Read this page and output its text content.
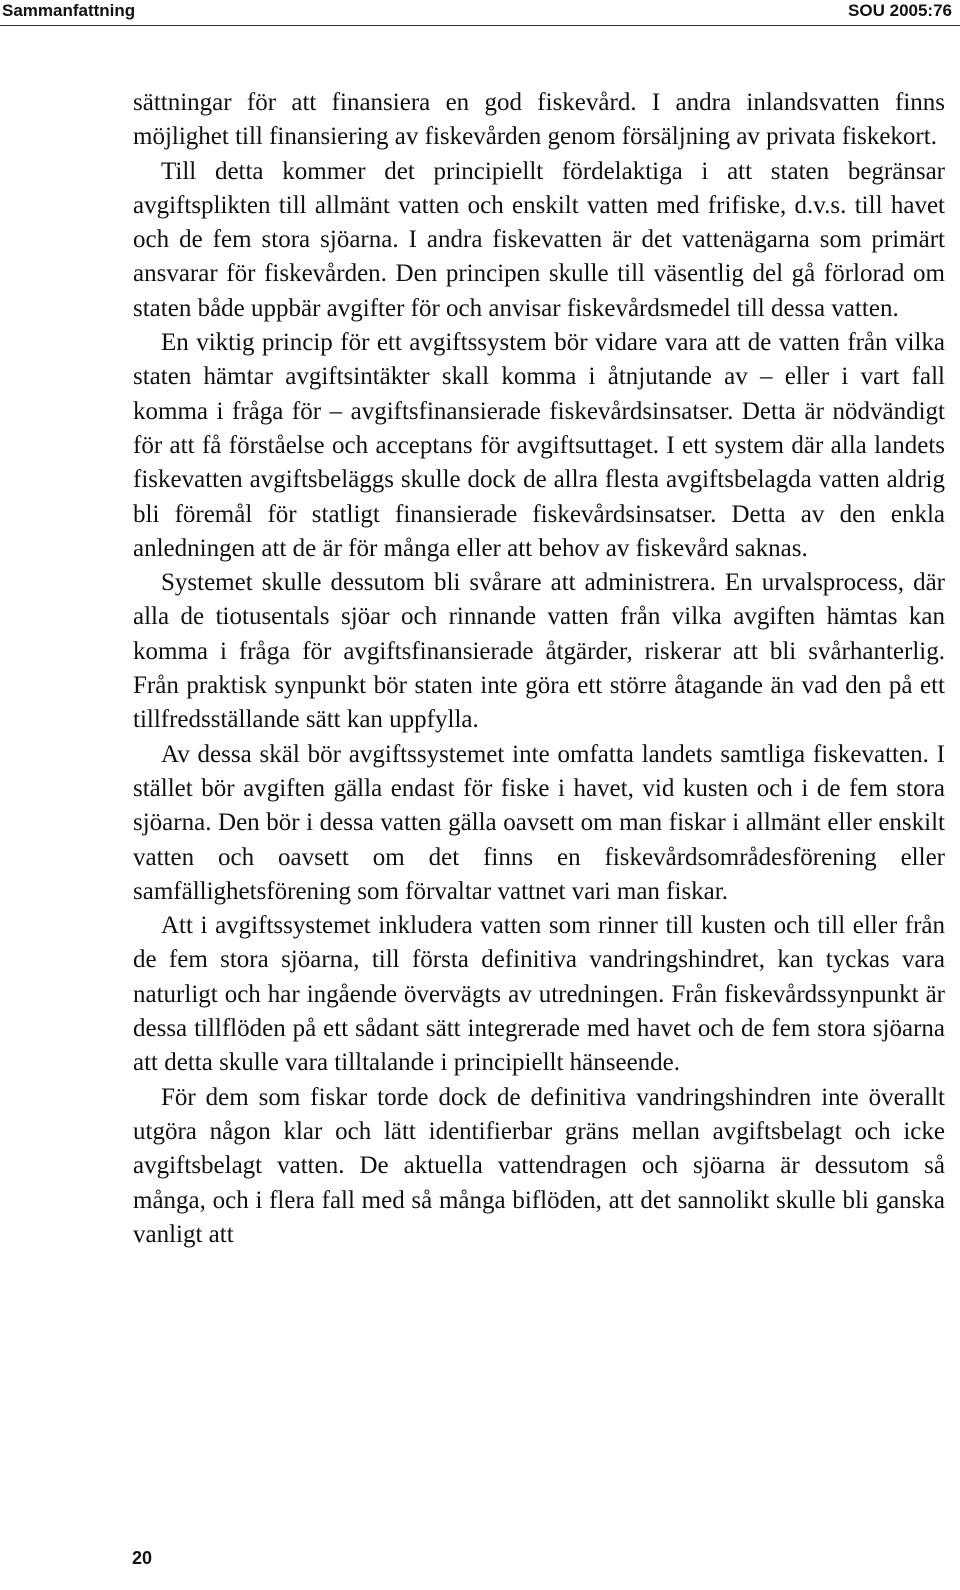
Sammanfattning	SOU 2005:76

sättningar för att finansiera en god fiskevård. I andra inlandsvatten finns möjlighet till finansiering av fiskevården genom försäljning av privata fiskekort.

Till detta kommer det principiellt fördelaktiga i att staten begränsar avgiftsplikten till allmänt vatten och enskilt vatten med frifiske, d.v.s. till havet och de fem stora sjöarna. I andra fiskevatten är det vattenägarna som primärt ansvarar för fiskevården. Den principen skulle till väsentlig del gå förlorad om staten både uppbär avgifter för och anvisar fiskevårdsmedel till dessa vatten.

En viktig princip för ett avgiftssystem bör vidare vara att de vatten från vilka staten hämtar avgiftsintäkter skall komma i åtnjutande av – eller i vart fall komma i fråga för – avgiftsfinansierade fiskevårdsinsatser. Detta är nödvändigt för att få förståelse och acceptans för avgiftsuttaget. I ett system där alla landets fiskevatten avgiftsbeläggs skulle dock de allra flesta avgiftsbelagda vatten aldrig bli föremål för statligt finansierade fiskevårdsinsatser. Detta av den enkla anledningen att de är för många eller att behov av fiskevård saknas.

Systemet skulle dessutom bli svårare att administrera. En urvalsprocess, där alla de tiotusentals sjöar och rinnande vatten från vilka avgiften hämtas kan komma i fråga för avgiftsfinansierade åtgärder, riskerar att bli svårhanterlig. Från praktisk synpunkt bör staten inte göra ett större åtagande än vad den på ett tillfredsställande sätt kan uppfylla.

Av dessa skäl bör avgiftssystemet inte omfatta landets samtliga fiskevatten. I stället bör avgiften gälla endast för fiske i havet, vid kusten och i de fem stora sjöarna. Den bör i dessa vatten gälla oavsett om man fiskar i allmänt eller enskilt vatten och oavsett om det finns en fiskevårdsområdesförening eller samfällighetsförening som förvaltar vattnet vari man fiskar.

Att i avgiftssystemet inkludera vatten som rinner till kusten och till eller från de fem stora sjöarna, till första definitiva vandringshindret, kan tyckas vara naturligt och har ingående övervägts av utredningen. Från fiskevårdssynpunkt är dessa tillflöden på ett sådant sätt integrerade med havet och de fem stora sjöarna att detta skulle vara tilltalande i principiellt hänseende.

För dem som fiskar torde dock de definitiva vandringshindren inte överallt utgöra någon klar och lätt identifierbar gräns mellan avgiftsbelagt och icke avgiftsbelagt vatten. De aktuella vattendragen och sjöarna är dessutom så många, och i flera fall med så många biflöden, att det sannolikt skulle bli ganska vanligt att

20
